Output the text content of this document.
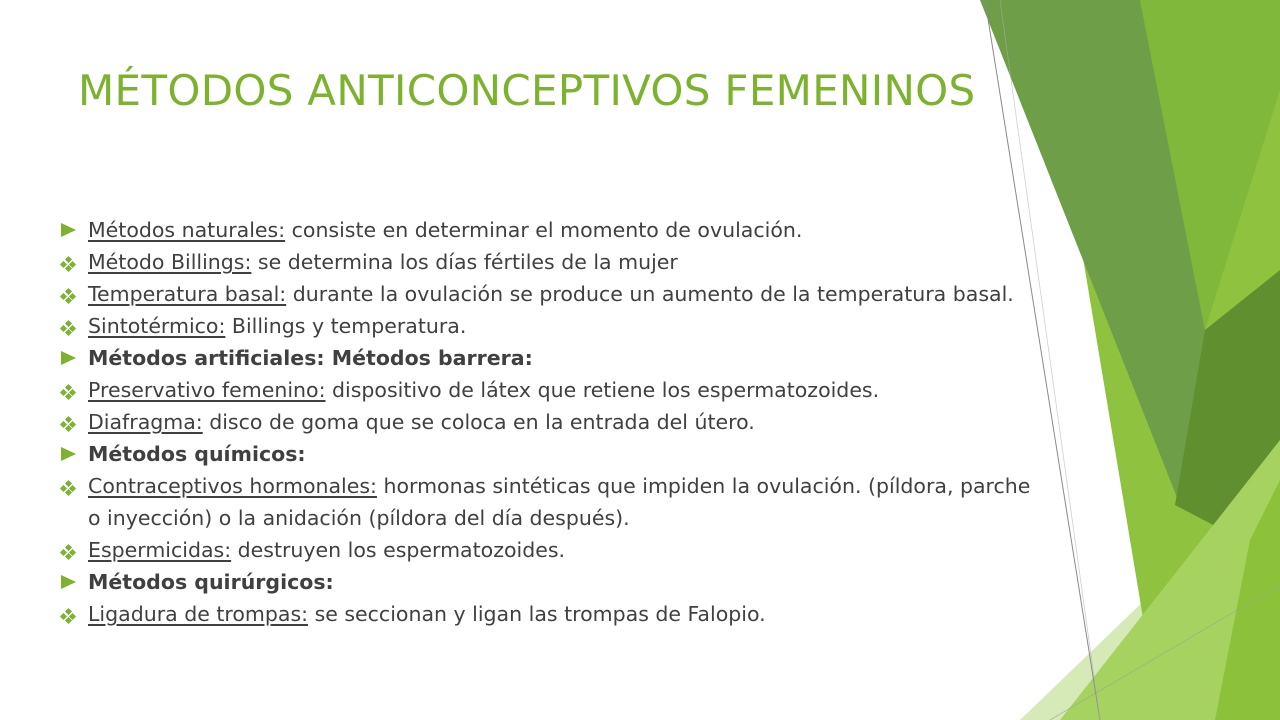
MÉTODOS ANTICONCEPTIVOS FEMENINOS
Métodos naturales: consiste en determinar el momento de ovulación.
Método Billings: se determina los días fértiles de la mujer
Temperatura basal: durante la ovulación se produce un aumento de la temperatura basal.
Sintotérmico: Billings y temperatura.
Métodos artificiales: Métodos barrera:
Preservativo femenino: dispositivo de látex que retiene los espermatozoides.
Diafragma: disco de goma que se coloca en la entrada del útero.
Métodos químicos:
Contraceptivos hormonales: hormonas sintéticas que impiden la ovulación. (píldora, parche o inyección) o la anidación (píldora del día después).
Espermicidas: destruyen los espermatozoides.
Métodos quirúrgicos:
Ligadura de trompas: se seccionan y ligan las trompas de Falopio.
